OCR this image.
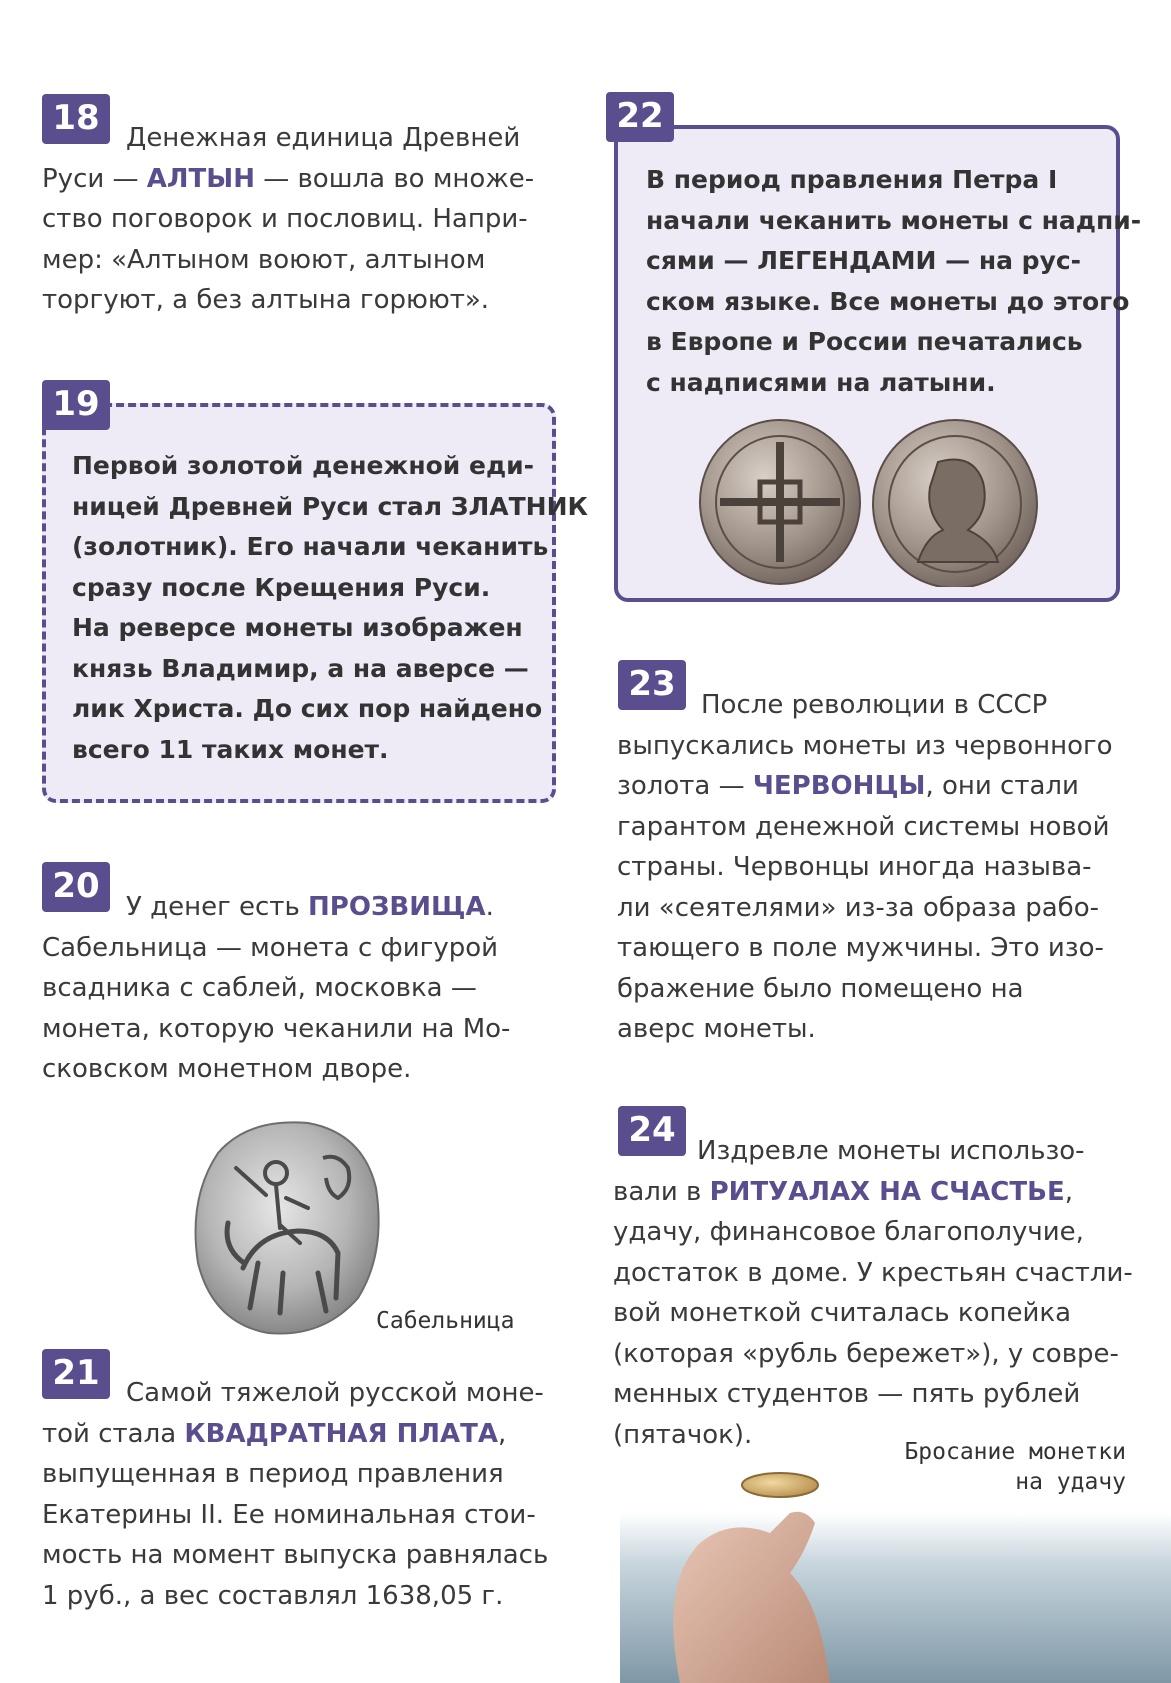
18	Денежная единица Древней
Руси — АЛТЫН — вошла во множе-
ство поговорок и пословиц. Напри-
мер: «Алтыном воюют, алтыном
торгуют, а без алтына горюют».
19
Первой золотой денежной еди-
ницей Древней Руси стал ЗЛАТНИК
(золотник). Его начали чеканить
сразу после Крещения Руси.
На реверсе монеты изображен
князь Владимир, а на аверсе —
лик Христа. До сих пор найдено
всего 11 таких монет.
20
У денег есть ПРОЗВИЩА.
Сабельница — монета с фигурой
всадника с саблей, московка —
монета, которую чеканили на Мо-
сковском монетном дворе.
Сабельница
21	Самой тяжелой русской моне-
той стала КВАДРАТНАЯ ПЛАТА,
выпущенная в период правления
Екатерины II. Ее номинальная стои-
мость на момент выпуска равнялась
1 руб., а вес составлял 1638,05 г.
22
В период правления Петра I
начали чеканить монеты с надпи-
сями — ЛЕГЕНДАМИ — на рус-
ском языке. Все монеты до этого
в Европе и России печатались
с надписями на латыни.
23
После революции в СССР
выпускались монеты из червонного
золота — ЧЕРВОНЦЫ, они стали
гарантом денежной системы новой
страны. Червонцы иногда называ-
ли «сеятелями» из-за образа рабо-
тающего в поле мужчины. Это изо-
бражение было помещено на
аверс монеты.
24
Издревле монеты использо-
вали в РИТУАЛАХ НА СЧАСТЬЕ,
удачу, финансовое благополучие,
достаток в доме. У крестьян счастли-
вой монеткой считалась копейка
(которая «рубль бережет»), у совре-
менных студентов — пять рублей
(пятачок).
Бросание монетки
на удачу
